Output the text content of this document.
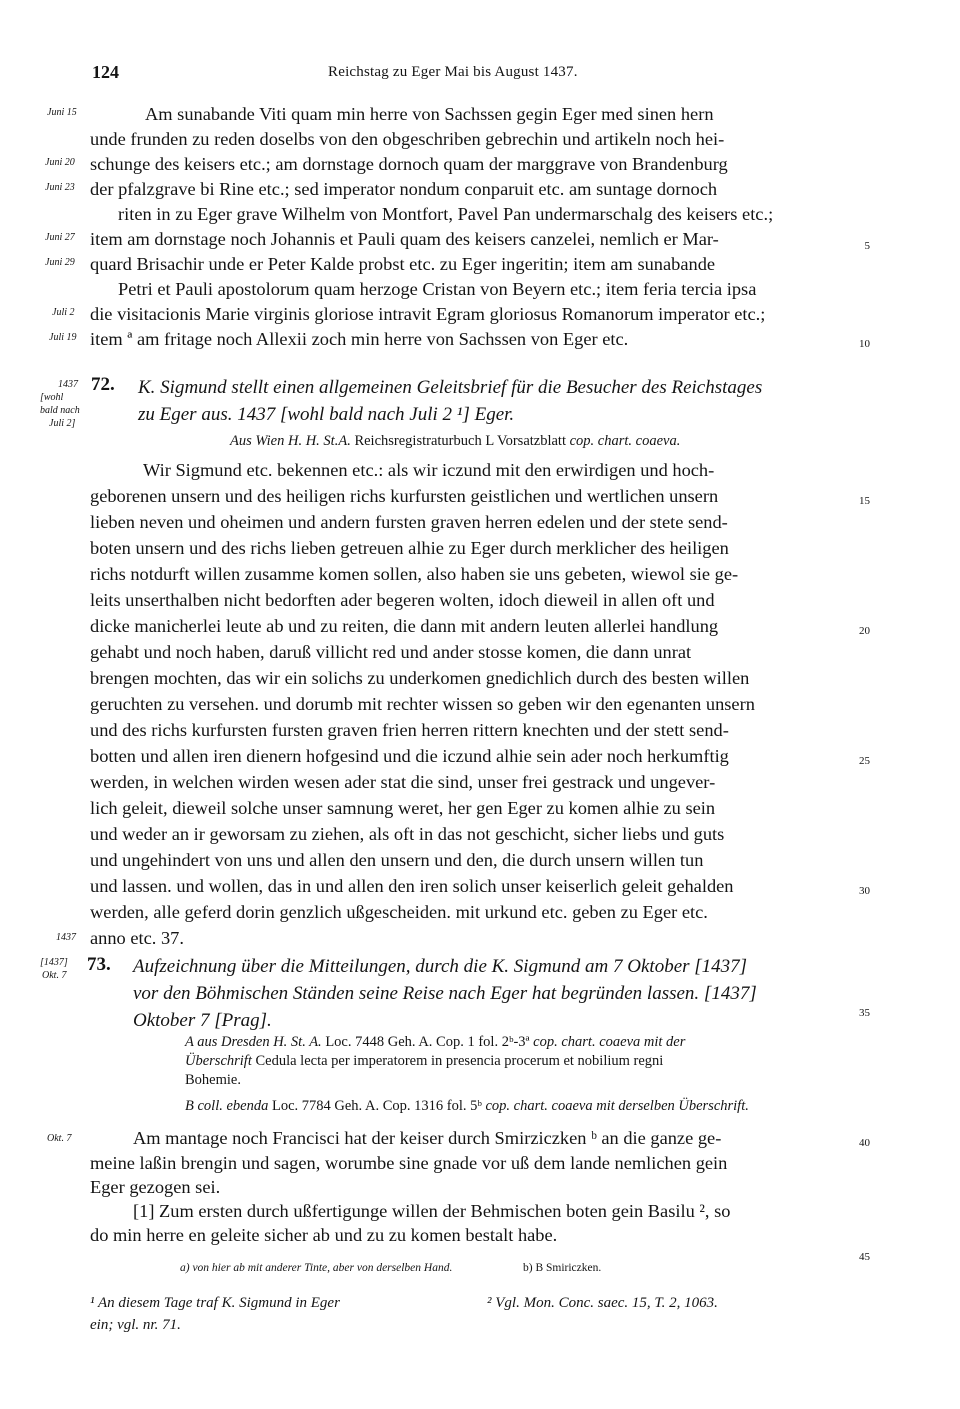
124	Reichstag zu Eger Mai bis August 1437.
Am sunabande Viti quam min herre von Sachssen gegin Eger med sinen hern
unde frunden zu reden doselbs von den obgeschriben gebrechin und artikeln noch hei-
schunge des keisers etc.; am dornstage dornoch quam der marggrave von Brandenburg
der pfalzgrave bi Rine etc.; sed imperator nondum conparuit etc. am suntage dornoch
riten in zu Eger grave Wilhelm von Montfort, Pavel Pan undermarschalg des keisers etc.;
item am dornstage noch Johannis et Pauli quam des keisers canzelei, nemlich er Mar-
quard Brisachir unde er Peter Kalde probst etc. zu Eger ingeritin; item am sunabande
Petri et Pauli apostolorum quam herzoge Cristan von Beyern etc.; item feria tercia ipsa
die visitacionis Marie virginis gloriose intravit Egram gloriosus Romanorum imperator etc.;
item ª am fritage noch Allexii zoch min herre von Sachssen von Eger etc.
Juni 15
Juni 20
Juni 23
Juni 27
Juni 29
Juli 2
Juli 19
5
10
1437
[wohl
bald nach
Juli 2]
72. K. Sigmund stellt einen allgemeinen Geleitsbrief für die Besucher des Reichstages
zu Eger aus. 1437 [wohl bald nach Juli 2 ¹] Eger.
Aus Wien H. H. St.A. Reichsregistraturbuch L Vorsatzblatt cop. chart. coaeva.
Wir Sigmund etc. bekennen etc.: als wir iczund mit den erwirdigen und hoch-
geborenen unsern und des heiligen richs kurfursten geistlichen und wertlichen unsern
lieben neven und oheimen und andern fursten graven herren edelen und der stete send-
boten unsern und des richs lieben getreuen alhie zu Eger durch merklicher des heiligen
richs notdurft willen zusamme komen sollen, also haben sie uns gebeten, wiewol sie ge-
leits unserthalben nicht bedorften ader begeren wolten, idoch dieweil in allen oft und
dicke manicherlei leute ab und zu reiten, die dann mit andern leuten allerlei handlung
gehabt und noch haben, daruß villicht red und ander stosse komen, die dann unrat
brengen mochten, das wir ein solichs zu underkomen gnedichlich durch des besten willen
geruchten zu versehen. und dorumb mit rechter wissen so geben wir den egenanten unsern
und des richs kurfursten fursten graven frien herren rittern knechten und der stett send-
botten und allen iren dienern hofgesind und die iczund alhie sein ader noch herkumftig
werden, in welchen wirden wesen ader stat die sind, unser frei gestrack und ungever-
lich geleit, dieweil solche unser samnung weret, her gen Eger zu komen alhie zu sein
und weder an ir geworsam zu ziehen, als oft in das not geschicht, sicher liebs und guts
und ungehindert von uns und allen den unsern und den, die durch unsern willen tun
und lassen. und wollen, das in und allen den iren solich unser keiserlich geleit gehalden
werden, alle geferd dorin genzlich ußgescheiden. mit urkund etc. geben zu Eger etc.
anno etc. 37.
1437
15
20
25
30
[1437]
Okt. 7
73. Aufzeichnung über die Mitteilungen, durch die K. Sigmund am 7 Oktober [1437]
vor den Böhmischen Ständen seine Reise nach Eger hat begründen lassen. [1437]
Oktober 7 [Prag].
A aus Dresden H. St. A. Loc. 7448 Geh. A. Cop. 1 fol. 2ᵇ-3ª cop. chart. coaeva mit der
Überschrift Cedula lecta per imperatorem in presencia procerum et nobilium regni
Bohemie.
B coll. ebenda Loc. 7784 Geh. A. Cop. 1316 fol. 5ᵇ cop. chart. coaeva mit derselben Überschrift.
Okt. 7	Am mantage noch Francisci hat der keiser durch Smirziczken ᵇ an die ganze ge-
meine laßin brengin und sagen, worumbe sine gnade vor uß dem lande nemlichen gein
Eger gezogen sei.
[1] Zum ersten durch ußfertigunge willen der Behmischen boten gein Basilu ², so
do min herre en geleite sicher ab und zu zu komen bestalt habe.
35
40
45
a) von hier ab mit anderer Tinte, aber von derselben Hand.	b) B Smiriczken.
¹ An diesem Tage traf K. Sigmund in Eger
ein; vgl. nr. 71.
² Vgl. Mon. Conc. saec. 15, T. 2, 1063.
